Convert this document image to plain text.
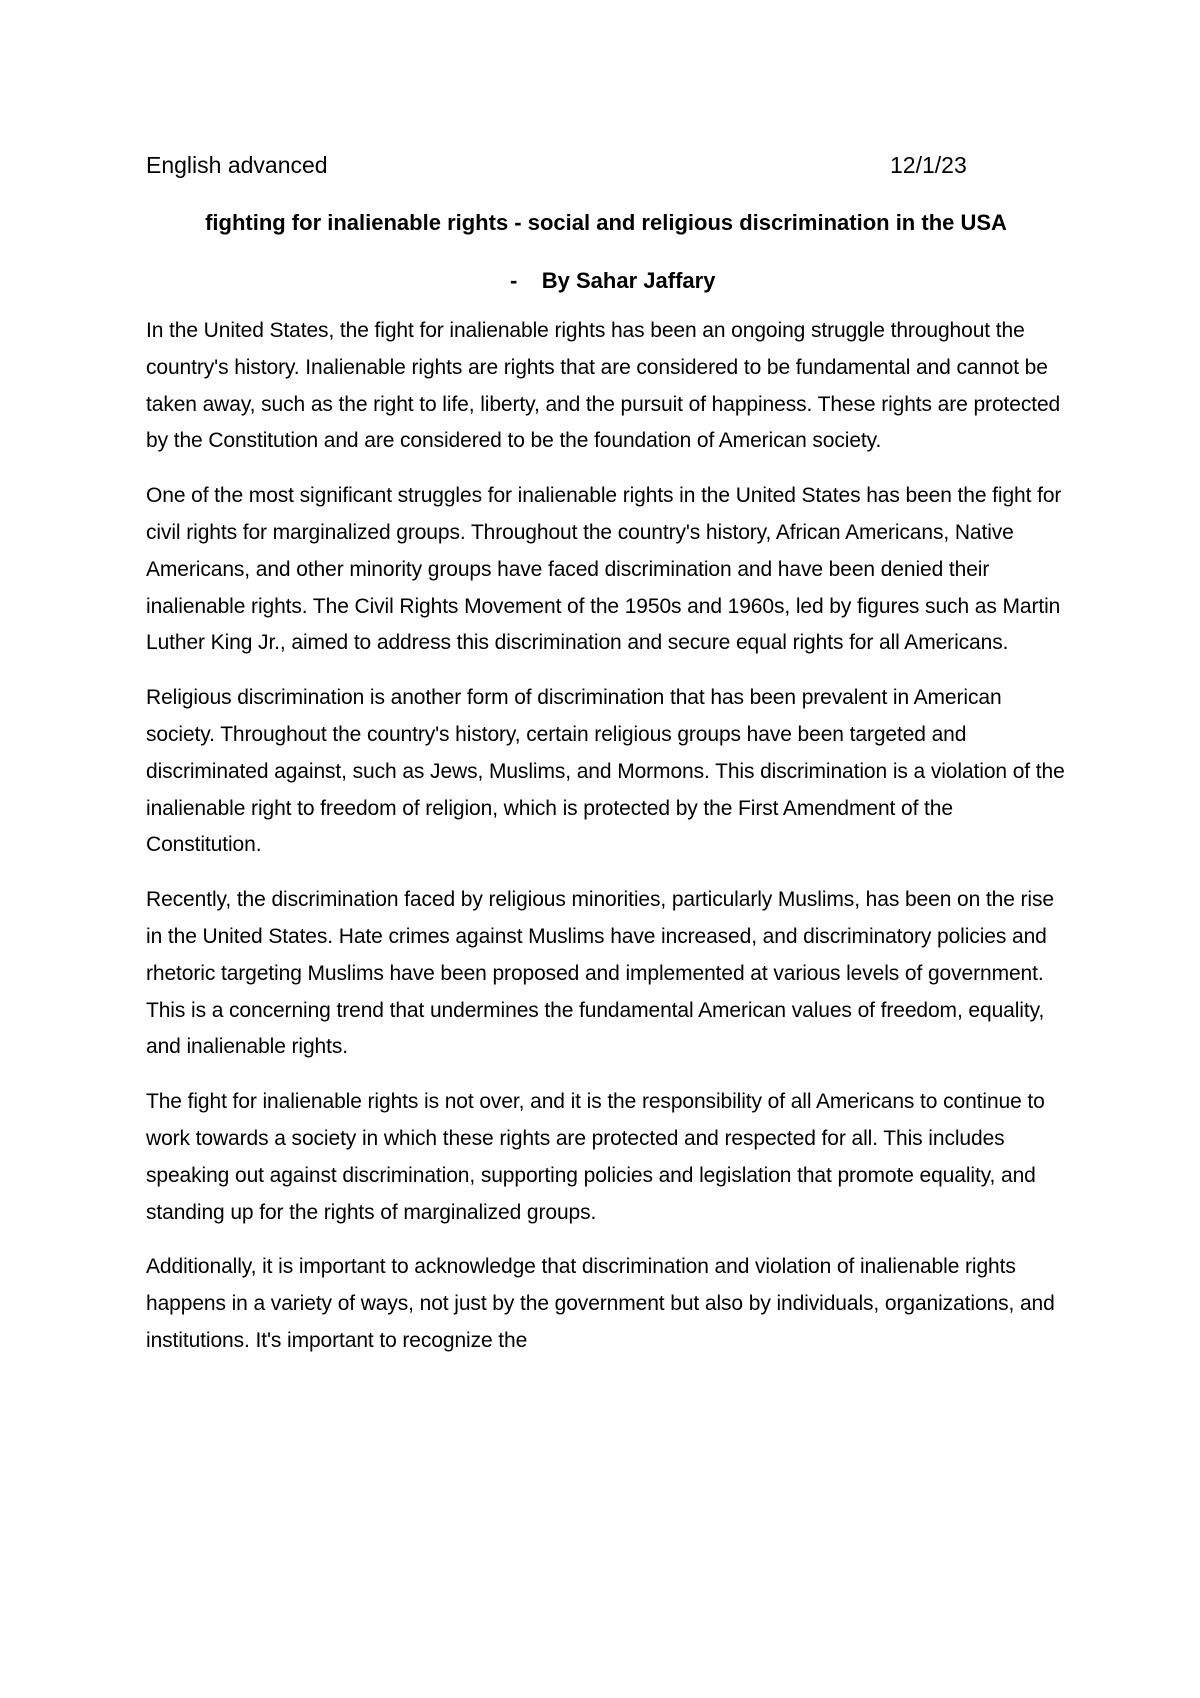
English advanced	12/1/23
fighting for inalienable rights - social and religious discrimination in the USA
-    By Sahar Jaffary

In the United States, the fight for inalienable rights has been an ongoing struggle throughout the country's history. Inalienable rights are rights that are considered to be fundamental and cannot be taken away, such as the right to life, liberty, and the pursuit of happiness. These rights are protected by the Constitution and are considered to be the foundation of American society.

One of the most significant struggles for inalienable rights in the United States has been the fight for civil rights for marginalized groups. Throughout the country's history, African Americans, Native Americans, and other minority groups have faced discrimination and have been denied their inalienable rights. The Civil Rights Movement of the 1950s and 1960s, led by figures such as Martin Luther King Jr., aimed to address this discrimination and secure equal rights for all Americans.

Religious discrimination is another form of discrimination that has been prevalent in American society. Throughout the country's history, certain religious groups have been targeted and discriminated against, such as Jews, Muslims, and Mormons. This discrimination is a violation of the inalienable right to freedom of religion, which is protected by the First Amendment of the Constitution.

Recently, the discrimination faced by religious minorities, particularly Muslims, has been on the rise in the United States. Hate crimes against Muslims have increased, and discriminatory policies and rhetoric targeting Muslims have been proposed and implemented at various levels of government. This is a concerning trend that undermines the fundamental American values of freedom, equality, and inalienable rights.

The fight for inalienable rights is not over, and it is the responsibility of all Americans to continue to work towards a society in which these rights are protected and respected for all. This includes speaking out against discrimination, supporting policies and legislation that promote equality, and standing up for the rights of marginalized groups.

Additionally, it is important to acknowledge that discrimination and violation of inalienable rights happens in a variety of ways, not just by the government but also by individuals, organizations, and institutions. It's important to recognize the
